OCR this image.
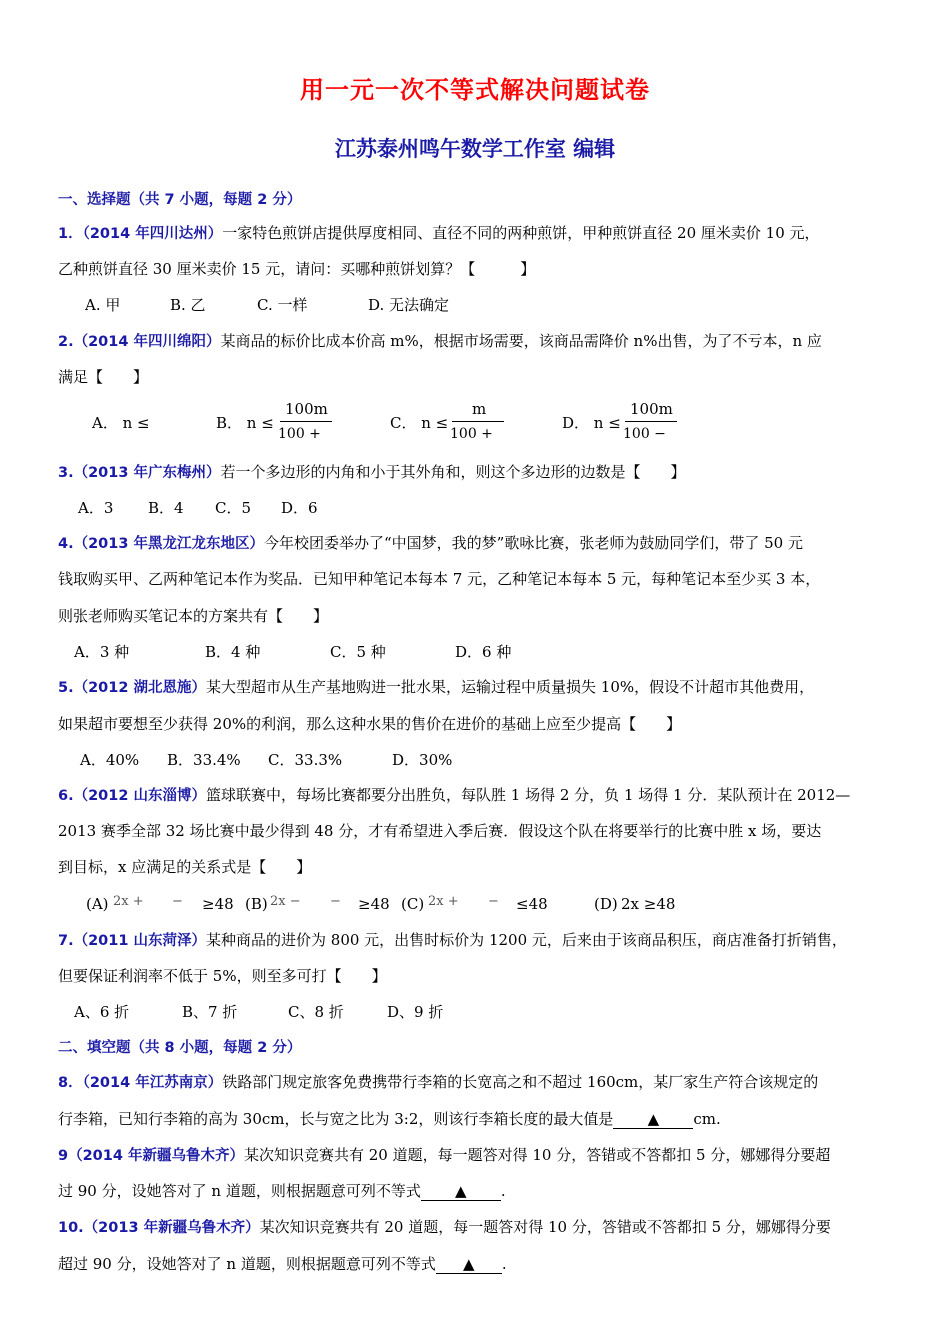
用一元一次不等式解决问题试卷
江苏泰州鸣午数学工作室 编辑
一、选择题（共 7 小题，每题 2 分）
1．（2014 年四川达州）一家特色煎饼店提供厚度相同、直径不同的两种煎饼，甲种煎饼直径 20 厘米卖价 10 元，
乙种煎饼直径 30 厘米卖价 15 元，请问：买哪种煎饼划算？【　　　】
A. 甲	B. 乙	C. 一样	D. 无法确定
2.（2014 年四川绵阳）某商品的标价比成本价高 m%，根据市场需要，该商品需降价 n%出售，为了不亏本，n 应
满足【　　】
A． n ≤	B． n ≤
100m
100 +
C． n ≤
m
100 +
D． n ≤
100m
100 −
3.（2013 年广东梅州）若一个多边形的内角和小于其外角和，则这个多边形的边数是【　　】
A．3 B．4 C．5 D．6
4.（2013 年黑龙江龙东地区）今年校团委举办了“中国梦，我的梦”歌咏比赛，张老师为鼓励同学们，带了 50 元
钱取购买甲、乙两种笔记本作为奖品．已知甲种笔记本每本 7 元，乙种笔记本每本 5 元，每种笔记本至少买 3 本，
则张老师购买笔记本的方案共有【　　】
A．3 种	B．4 种	C．5 种	D．6 种
5.（2012 湖北恩施）某大型超市从生产基地购进一批水果，运输过程中质量损失 10%，假设不计超市其他费用，
如果超市要想至少获得 20%的利润，那么这种水果的售价在进价的基础上应至少提高【　　】
A．40% B．33.4% C．33.3%	D．30%
6.（2012 山东淄博）篮球联赛中，每场比赛都要分出胜负，每队胜 1 场得 2 分，负 1 场得 1 分．某队预计在 2012—
2013 赛季全部 32 场比赛中最少得到 48 分，才有希望进入季后赛．假设这个队在将要举行的比赛中胜 x 场，要达
到目标，x 应满足的关系式是【　　】
(A) 2x + − ≥48 (B) 2x − − ≥48 (C) 2x + − ≤48	(D) 2x ≥48
7.（2011 山东菏泽）某种商品的进价为 800 元，出售时标价为 1200 元，后来由于该商品积压，商店准备打折销售，
但要保证利润率不低于 5%，则至多可打【　　】
A、6 折	B、7 折	C、8 折	D、9 折
二、填空题（共 8 小题，每题 2 分）
8．（2014 年江苏南京）铁路部门规定旅客免费携带行李箱的长宽高之和不超过 160cm，某厂家生产符合该规定的
行李箱，已知行李箱的高为 30cm，长与宽之比为 3:2，则该行李箱长度的最大值是 ▲ cm.
9（2014 年新疆乌鲁木齐）某次知识竞赛共有 20 道题，每一题答对得 10 分，答错或不答都扣 5 分，娜娜得分要超
过 90 分，设她答对了 n 道题，则根据题意可列不等式 ▲ .
10.（2013 年新疆乌鲁木齐）某次知识竞赛共有 20 道题，每一题答对得 10 分，答错或不答都扣 5 分，娜娜得分要
超过 90 分，设她答对了 n 道题，则根据题意可列不等式 ▲ .
